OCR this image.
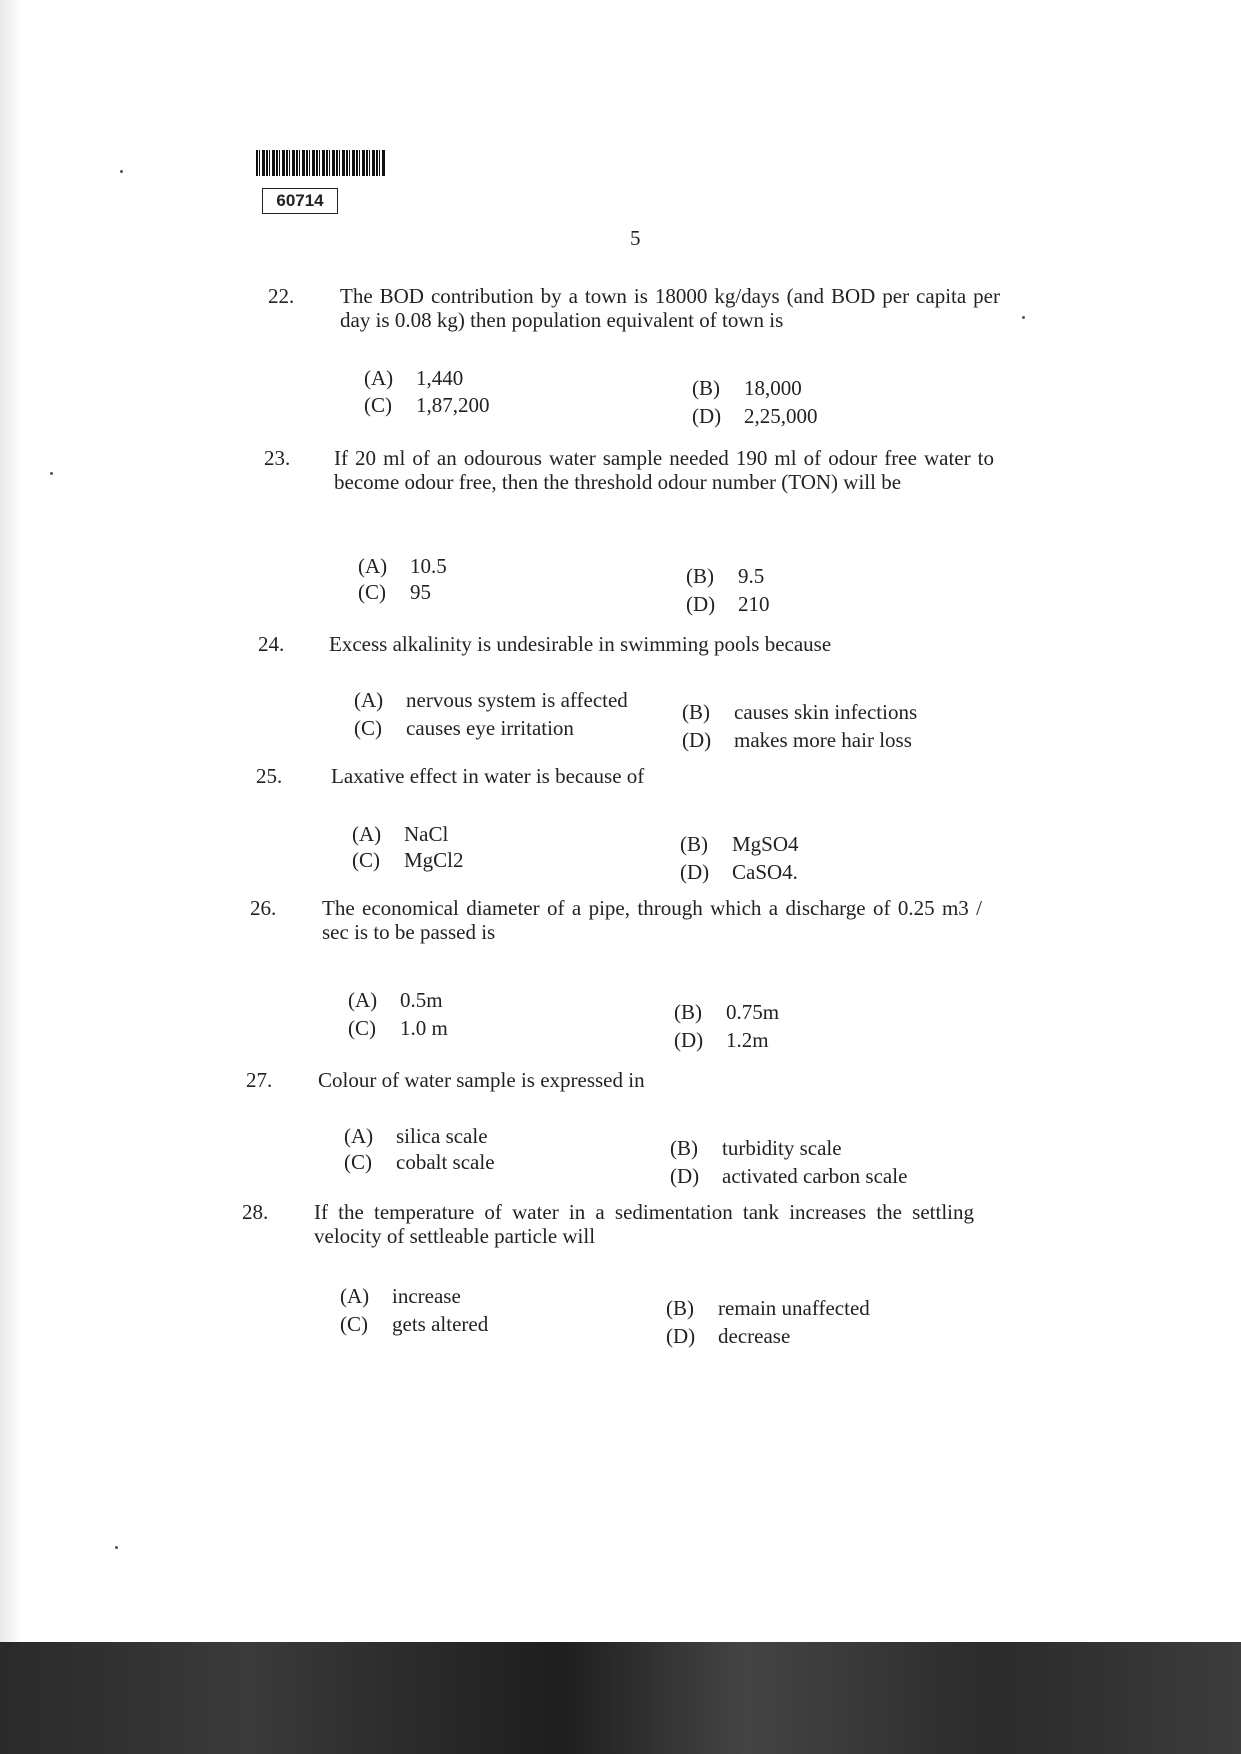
60714
5
22. The BOD contribution by a town is 18000 kg/days (and BOD per capita per day is 0.08 kg) then population equivalent of town is
(A) 1,440
(C) 1,87,200
(B) 18,000
(D) 2,25,000
23. If 20 ml of an odourous water sample needed 190 ml of odour free water to become odour free, then the threshold odour number (TON) will be
(A) 10.5
(C) 95
(B) 9.5
(D) 210
24. Excess alkalinity is undesirable in swimming pools because
(A) nervous system is affected
(C) causes eye irritation
(B) causes skin infections
(D) makes more hair loss
25. Laxative effect in water is because of
(A) NaCl
(C) MgCl2
(B) MgSO4
(D) CaSO4.
26. The economical diameter of a pipe, through which a discharge of 0.25 m3 / sec is to be passed is
(A) 0.5m
(C) 1.0 m
(B) 0.75m
(D) 1.2m
27. Colour of water sample is expressed in
(A) silica scale
(C) cobalt scale
(B) turbidity scale
(D) activated carbon scale
28. If the temperature of water in a sedimentation tank increases the settling velocity of settleable particle will
(A) increase
(C) gets altered
(B) remain unaffected
(D) decrease
